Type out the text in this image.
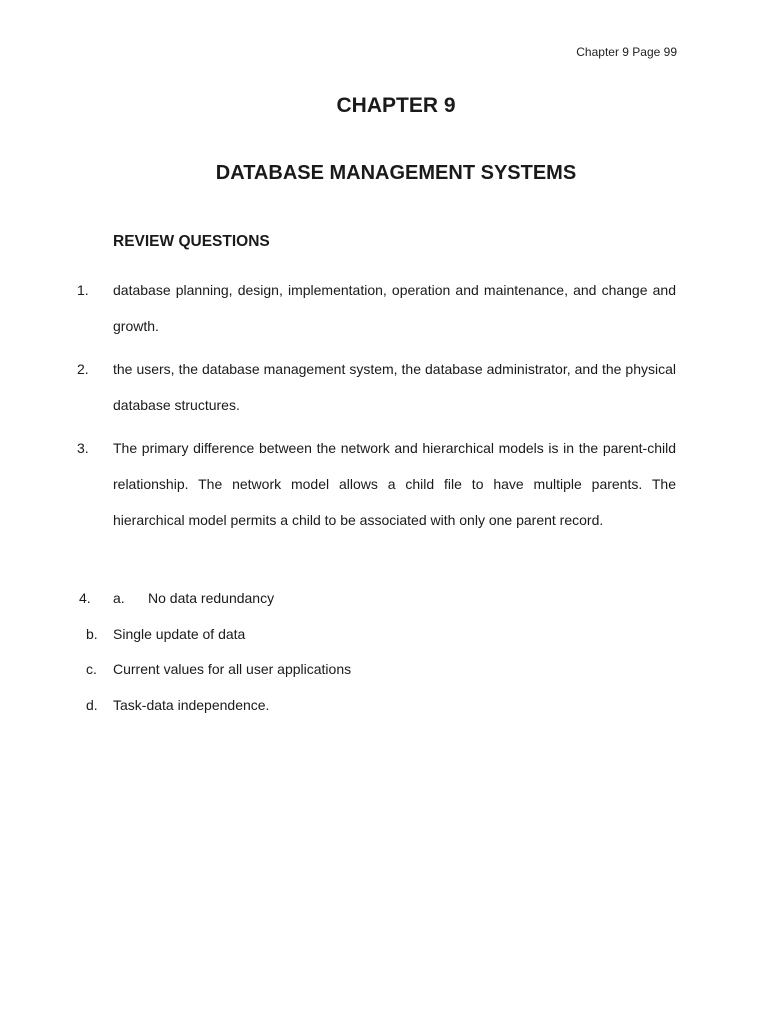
Chapter 9 Page 99
CHAPTER 9
DATABASE MANAGEMENT SYSTEMS
REVIEW QUESTIONS
1. database planning, design, implementation, operation and maintenance, and change and growth.
2. the users, the database management system, the database administrator, and the physical database structures.
3. The primary difference between the network and hierarchical models is in the parent-child relationship. The network model allows a child file to have multiple parents. The hierarchical model permits a child to be associated with only one parent record.
4. a. No data redundancy
b. Single update of data
c. Current values for all user applications
d. Task-data independence.
